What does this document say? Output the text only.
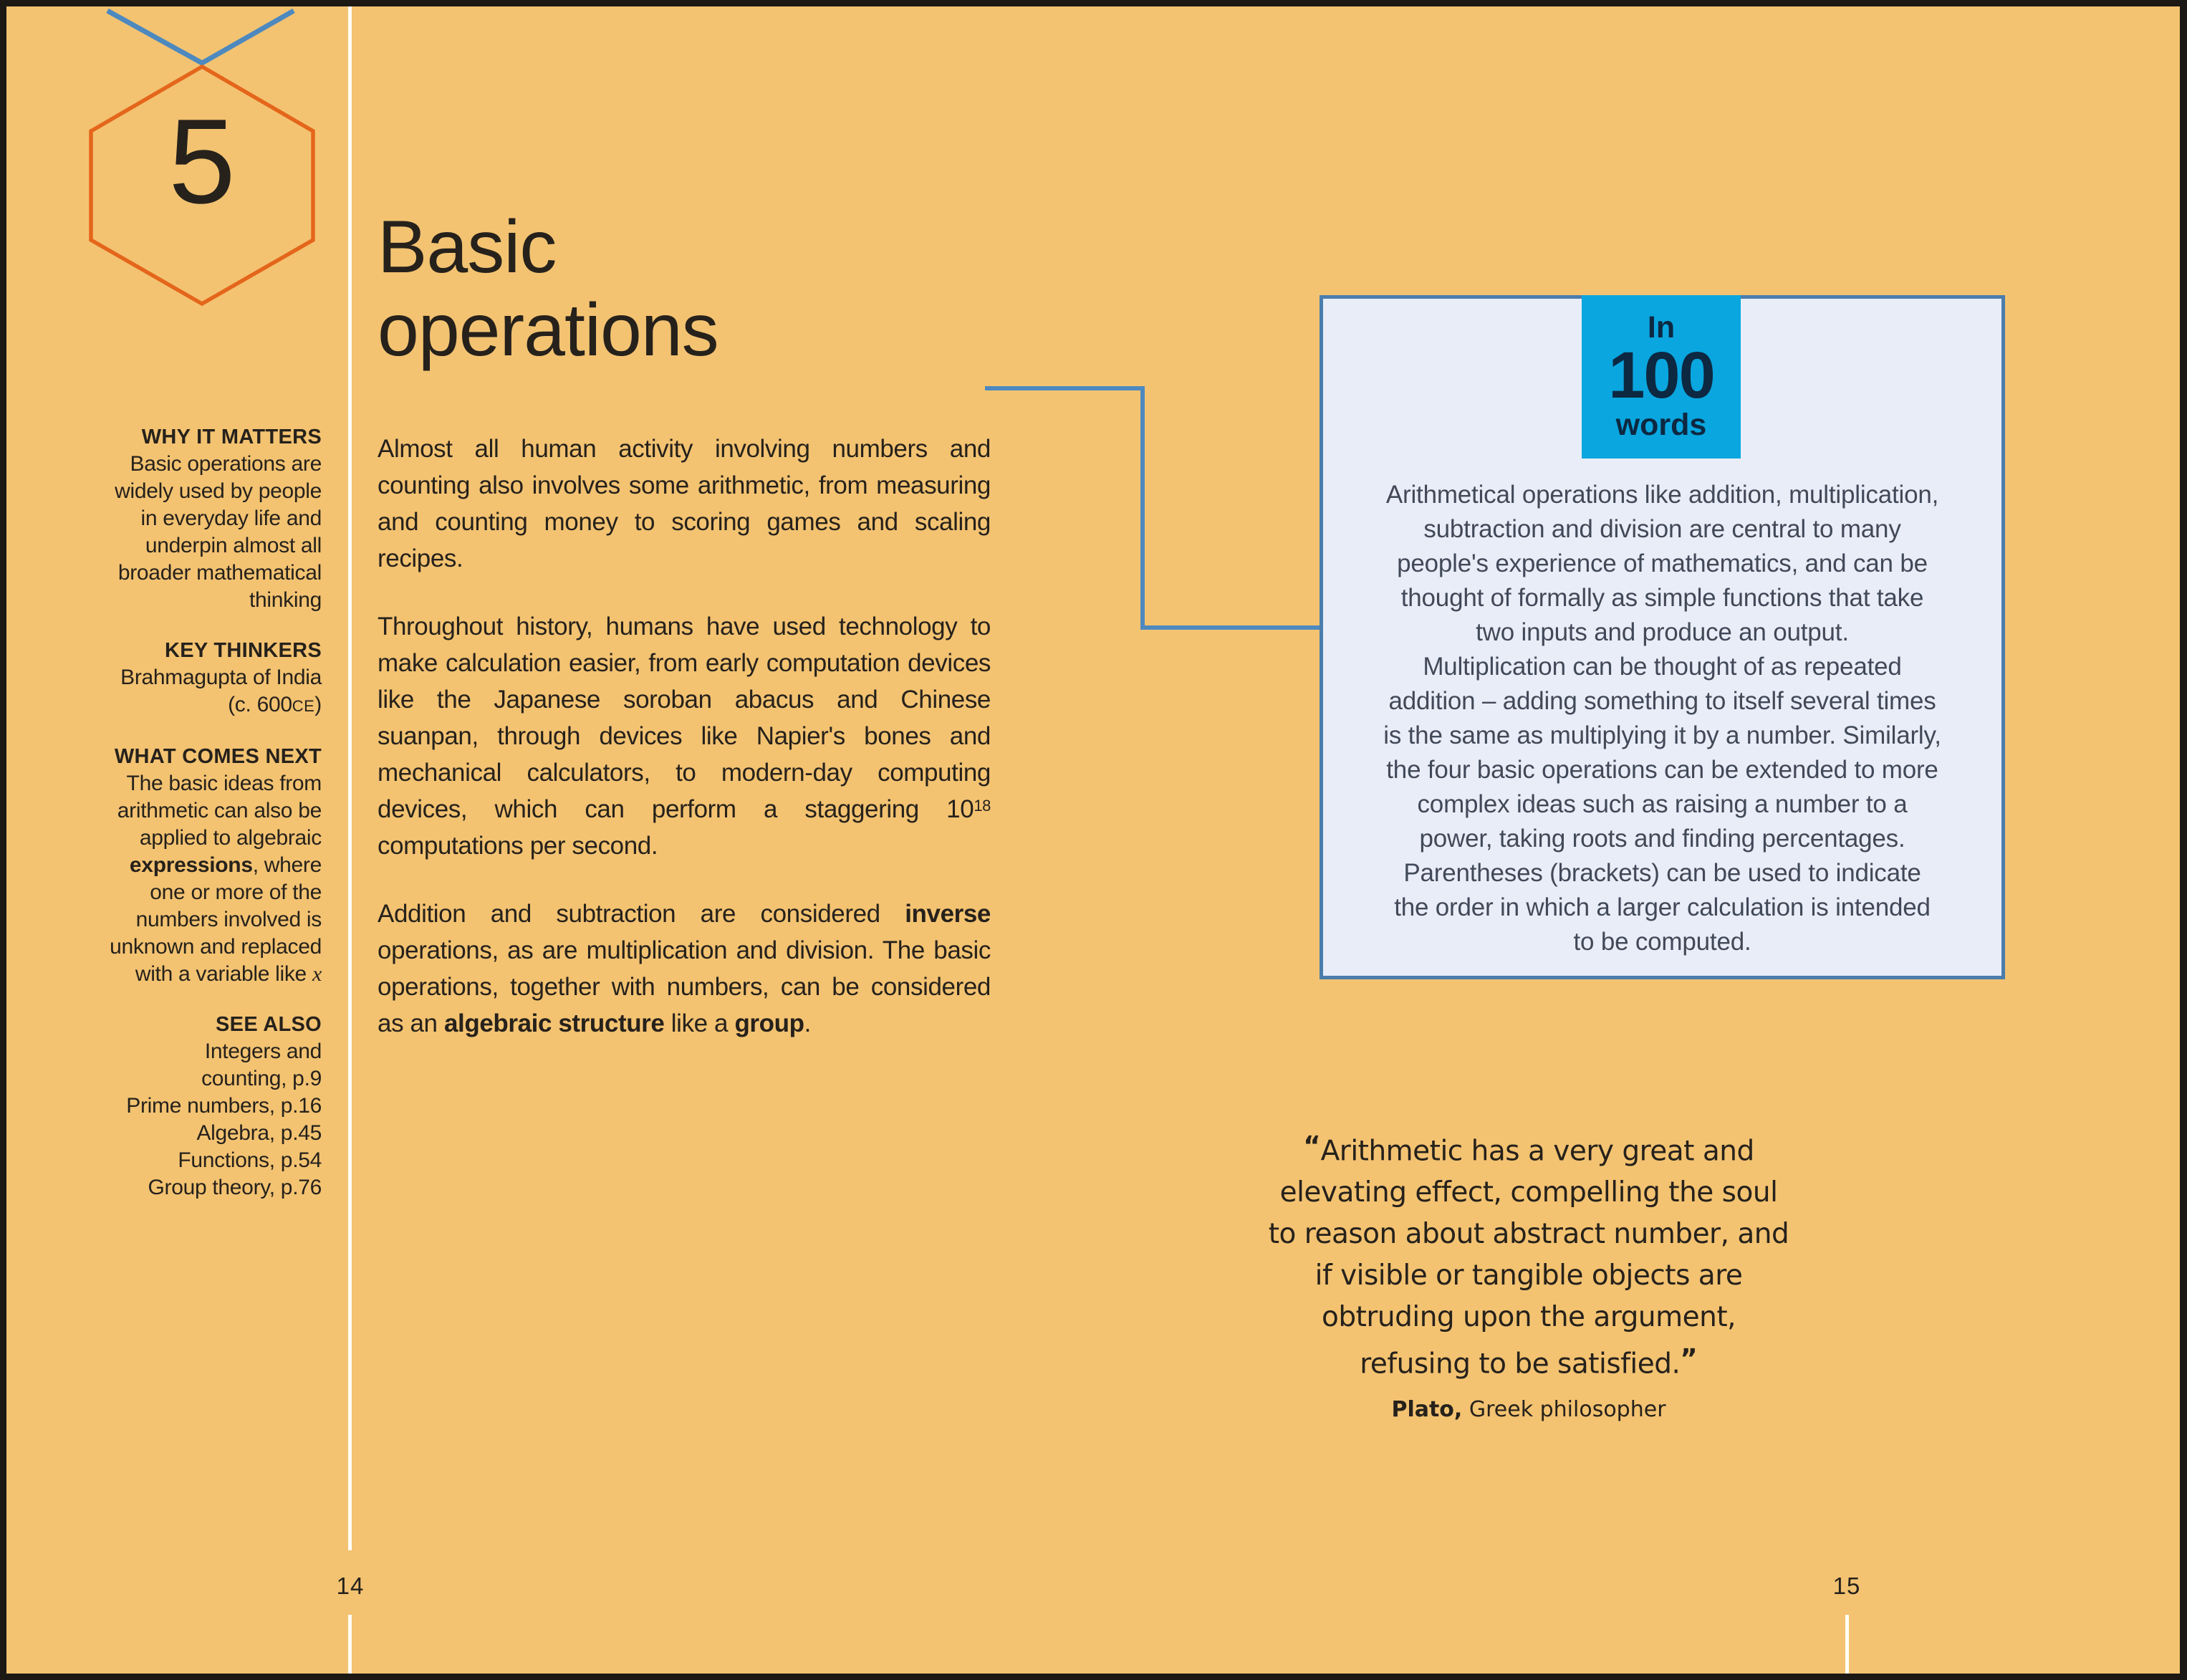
5
14	15
WHY IT MATTERS
Basic operations are
widely used by people
in everyday life and
underpin almost all
broader mathematical
thinking
KEY THINKERS
Brahmagupta of India
(c. 600CE)
WHAT COMES NEXT
The basic ideas from
arithmetic can also be
applied to algebraic
expressions, where
one or more of the
numbers involved is
unknown and replaced
with a variable like x
SEE ALSO
Integers and
counting, p.9
Prime numbers, p.16
Algebra, p.45
Functions, p.54
Group theory, p.76
Basic
operations

Almost all human activity involving numbers and counting also involves some arithmetic, from measuring and counting money to scoring games and scaling recipes.

Throughout history, humans have used technology to make calculation easier, from early computation devices like the Japanese soroban abacus and Chinese suanpan, through devices like Napier's bones and mechanical calculators, to modern-day computing devices, which can perform a staggering $10^{18}$ computations per second.

Addition and subtraction are considered inverse operations, as are multiplication and division. The basic operations, together with numbers, can be considered as an algebraic structure like a group.

In
100
words
Arithmetical operations like addition, multiplication,
subtraction and division are central to many
people's experience of mathematics, and can be
thought of formally as simple functions that take
two inputs and produce an output.
Multiplication can be thought of as repeated
addition – adding something to itself several times
is the same as multiplying it by a number. Similarly,
the four basic operations can be extended to more
complex ideas such as raising a number to a
power, taking roots and finding percentages.
Parentheses (brackets) can be used to indicate
the order in which a larger calculation is intended
to be computed.
“Arithmetic has a very great and
elevating effect, compelling the soul
to reason about abstract number, and
if visible or tangible objects are
obtruding upon the argument,
refusing to be satisfied.”
Plato, Greek philosopher
